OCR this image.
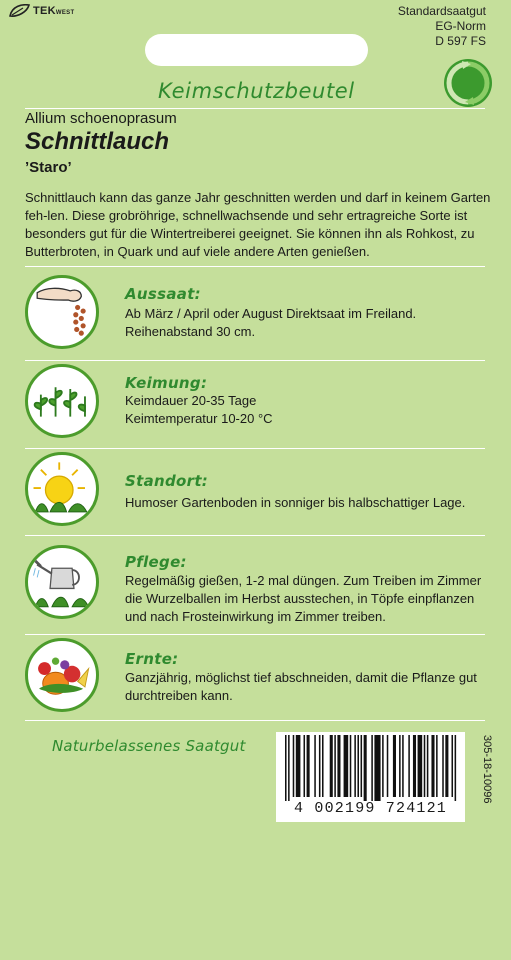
TEKWEST	Standardsaatgut
EG-Norm
D 597 FS
Keimschutzbeutel
Allium schoenoprasum
Schnittlauch
’Staro’
Schnittlauch kann das ganze Jahr geschnitten werden und darf in keinem Garten feh-len. Diese grobröhrige, schnellwachsende und sehr ertragreiche Sorte ist besonders gut für die Wintertreiberei geeignet. Sie können ihn als Rohkost, zu Butterbroten, in Quark und auf viele andere Arten genießen.
Aussaat:
Ab März / April oder August Direktsaat im Freiland. Reihenabstand 30 cm.
Keimung:
Keimdauer 20-35 Tage
Keimtemperatur 10-20 °C
Standort:
Humoser Gartenboden in sonniger bis halbschattiger Lage.
Pflege:
Regelmäßig gießen, 1-2 mal düngen. Zum Treiben im Zimmer die Wurzelballen im Herbst ausstechen, in Töpfe einpflanzen und nach Frosteinwirkung im Zimmer treiben.
Ernte:
Ganzjährig, möglichst tief abschneiden, damit die Pflanze gut durchtreiben kann.
Naturbelassenes Saatgut
4 002199 724121
305-18-10096
